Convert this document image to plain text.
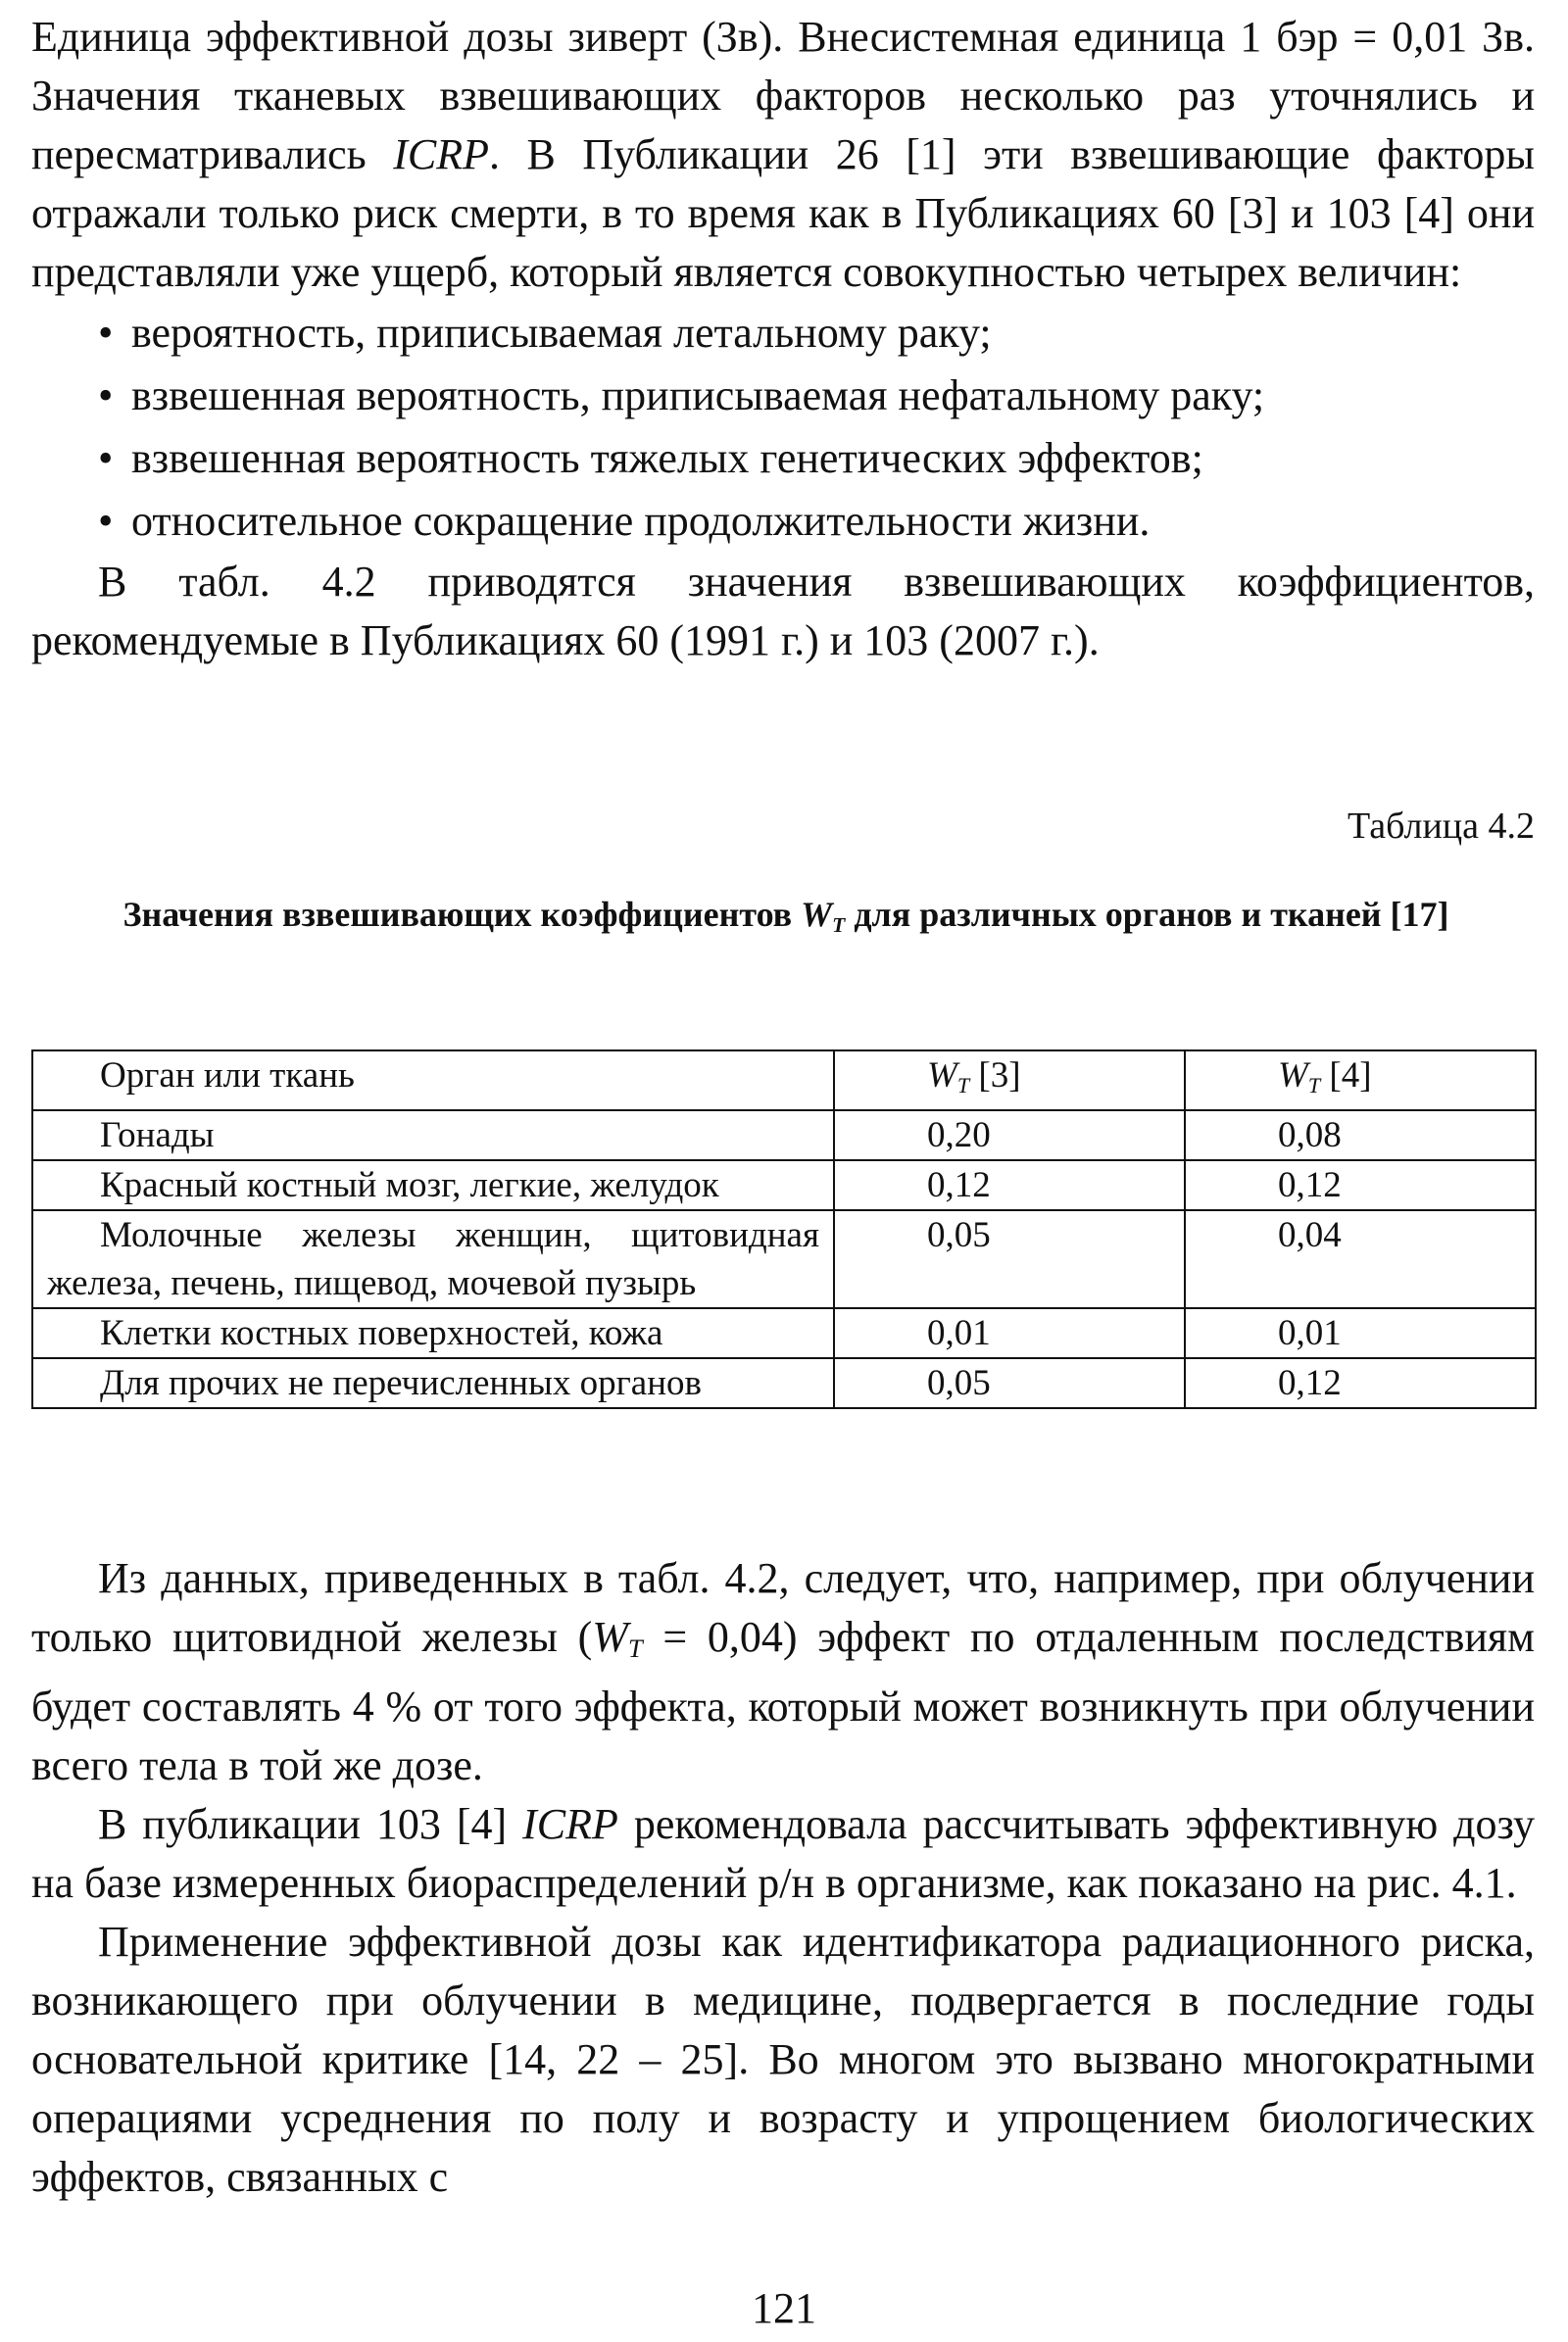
Единица эффективной дозы зиверт (Зв). Внесистемная единица 1 бэр = 0,01 Зв. Значения тканевых взвешивающих факторов несколько раз уточнялись и пересматривались ICRP. В Публикации 26 [1] эти взвешивающие факторы отражали только риск смерти, в то время как в Публикациях 60 [3] и 103 [4] они представляли уже ущерб, который является совокупностью четырех величин:

• вероятность, приписываемая летальному раку;
• взвешенная вероятность, приписываемая нефатальному раку;
• взвешенная вероятность тяжелых генетических эффектов;
• относительное сокращение продолжительности жизни.

В табл. 4.2 приводятся значения взвешивающих коэффициентов, рекомендуемые в Публикациях 60 (1991 г.) и 103 (2007 г.).

Таблица 4.2
Значения взвешивающих коэффициентов $W_T$ для различных органов и тканей [17]
Орган или ткань	$W_T$ [3]	$W_T$ [4]
Гонады	0,20	0,08
Красный костный мозг, легкие, желудок	0,12	0,12
Молочные железы женщин, щитовидная железа, печень, пищевод, мочевой пузырь	0,05	0,04
Клетки костных поверхностей, кожа	0,01	0,01
Для прочих не перечисленных органов	0,05	0,12

Из данных, приведенных в табл. 4.2, следует, что, например, при облучении только щитовидной железы $(W_T = 0,04)$ эффект по отдаленным последствиям будет составлять 4 % от того эффекта, который может возникнуть при облучении всего тела в той же дозе.

В публикации 103 [4] ICRP рекомендовала рассчитывать эффективную дозу на базе измеренных биораспределений р/н в организме, как показано на рис. 4.1.

Применение эффективной дозы как идентификатора радиационного риска, возникающего при облучении в медицине, подвергается в последние годы основательной критике [14, 22 – 25]. Во многом это вызвано многократными операциями усреднения по полу и возрасту и упрощением биологических эффектов, связанных с

121
